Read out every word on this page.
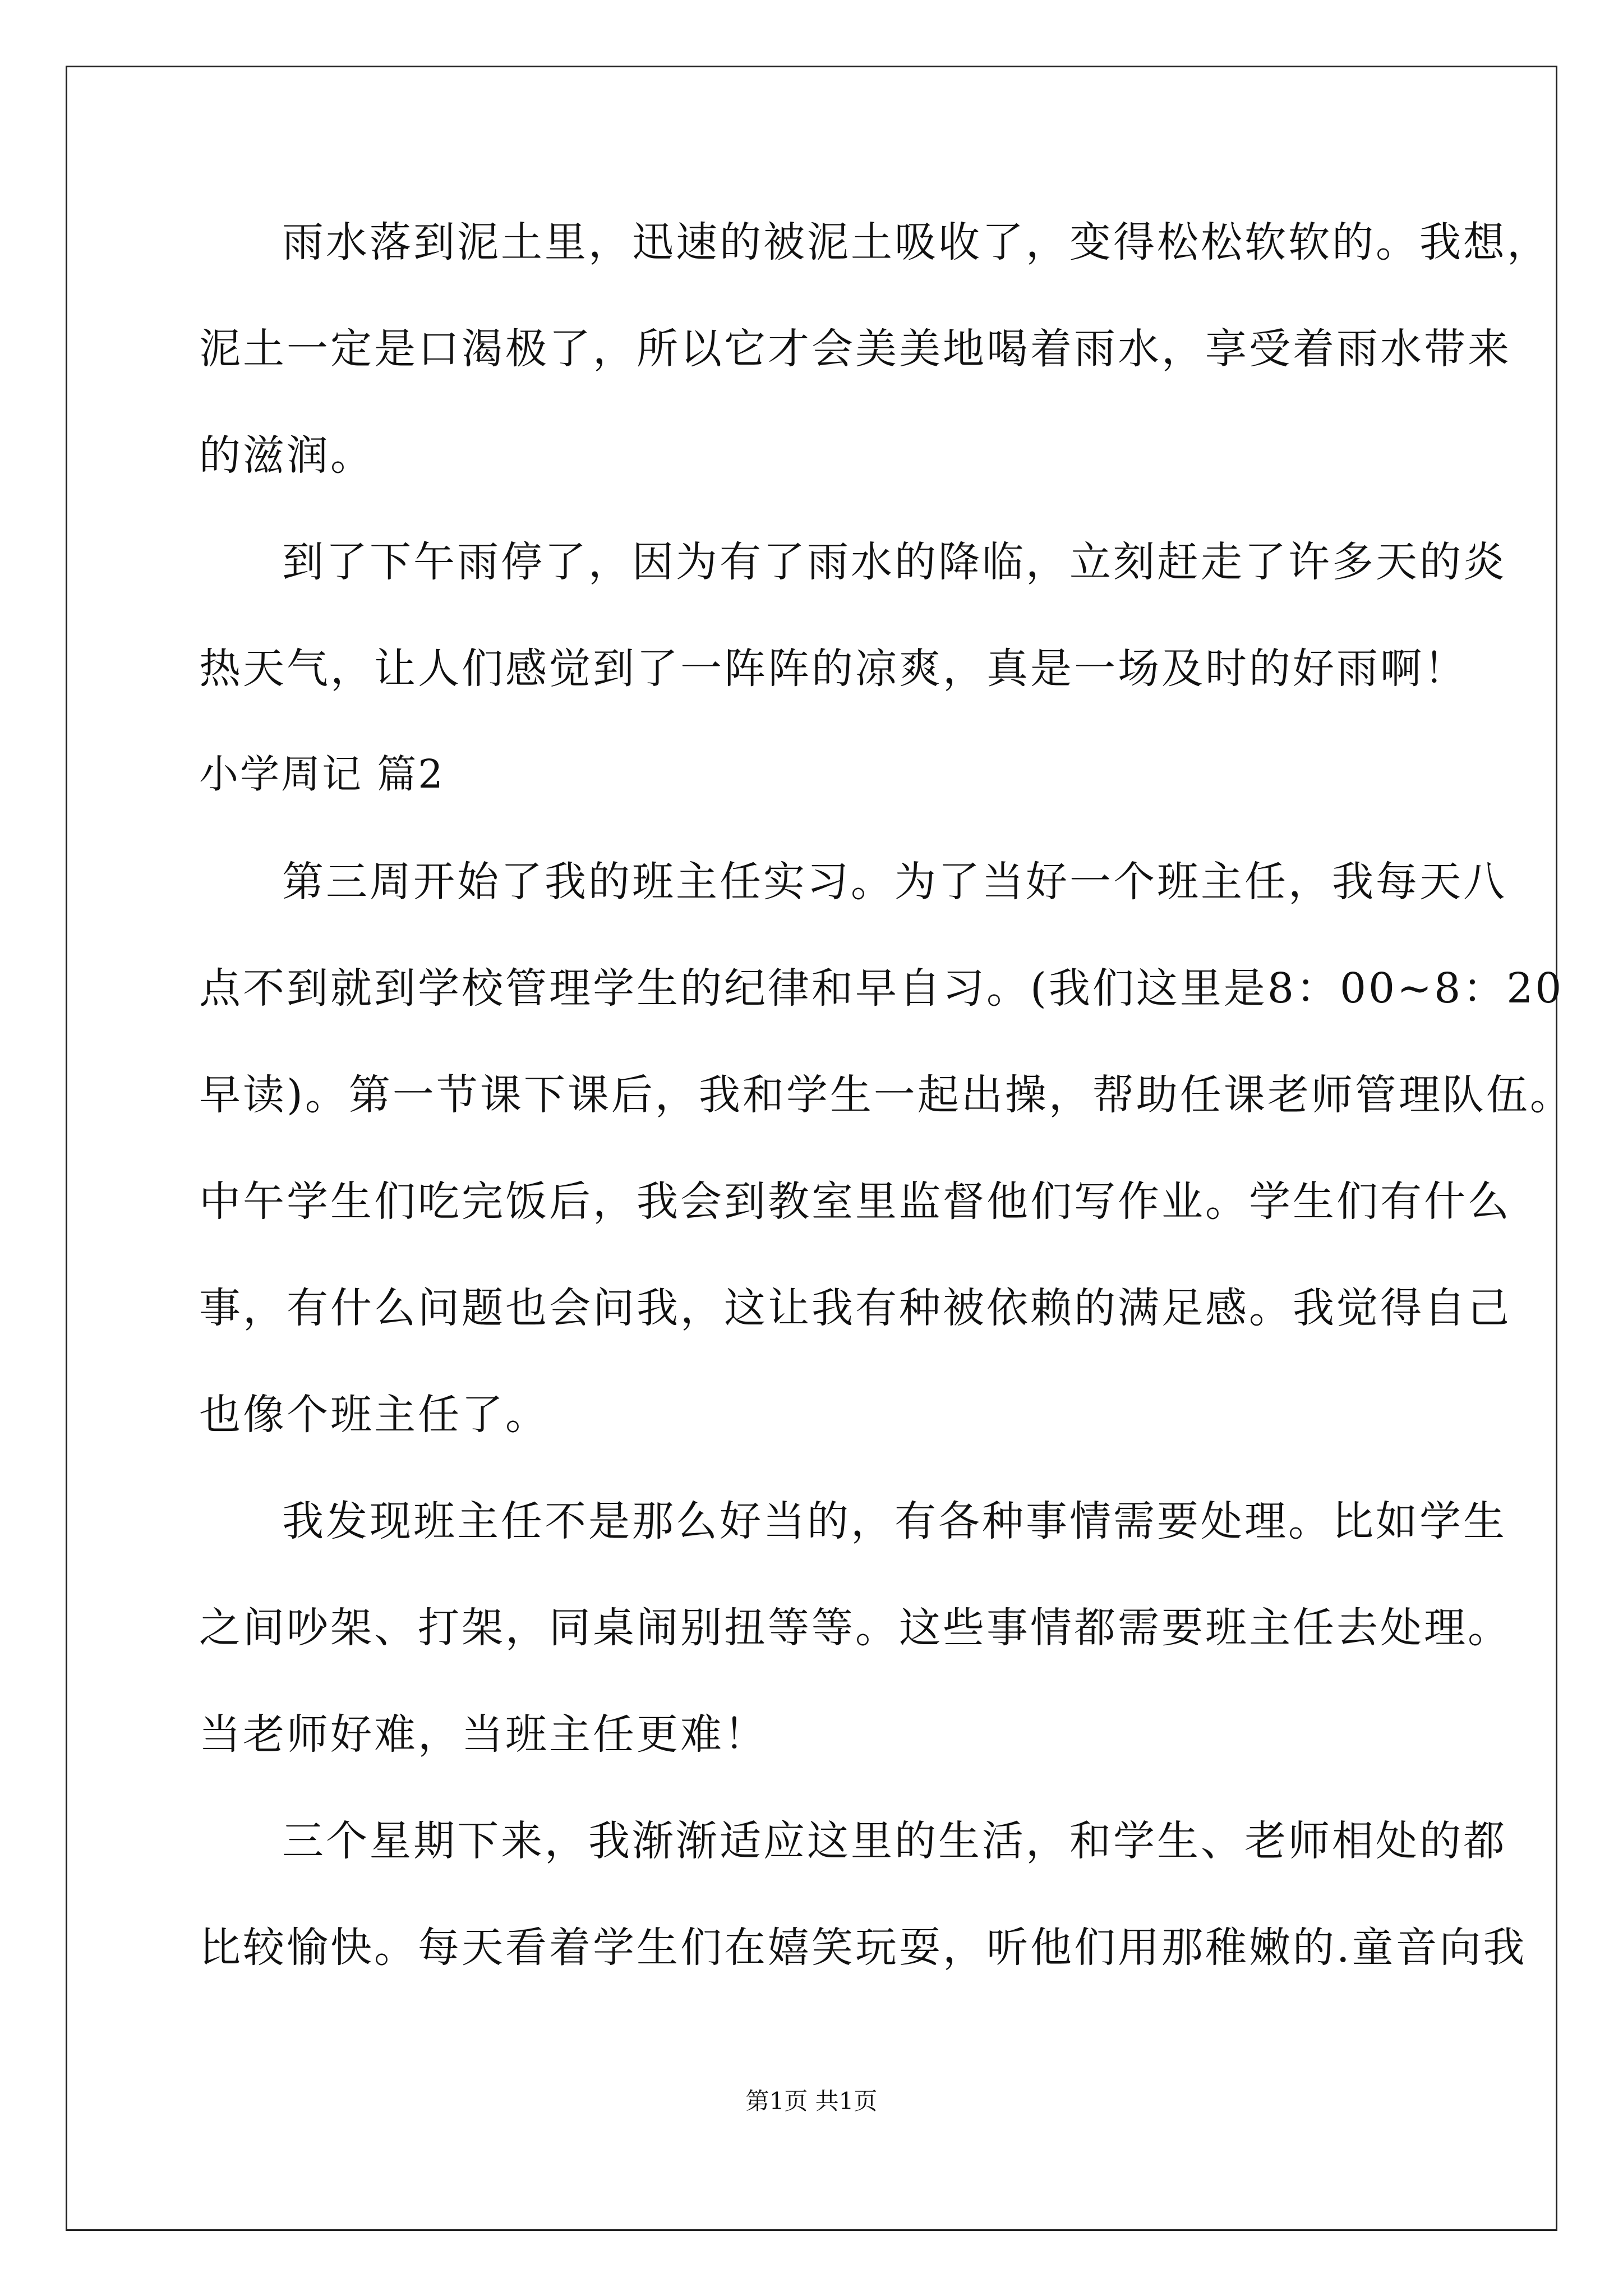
雨水落到泥土里，迅速的被泥土吸收了，变得松松软软的。我想，
泥土一定是口渴极了，所以它才会美美地喝着雨水，享受着雨水带来
的滋润。
到了下午雨停了，因为有了雨水的降临，立刻赶走了许多天的炎
热天气，让人们感觉到了一阵阵的凉爽，真是一场及时的好雨啊！
小学周记 篇2
第三周开始了我的班主任实习。为了当好一个班主任，我每天八
点不到就到学校管理学生的纪律和早自习。(我们这里是8：00~8：20
早读)。第一节课下课后，我和学生一起出操，帮助任课老师管理队伍。
中午学生们吃完饭后，我会到教室里监督他们写作业。学生们有什么
事，有什么问题也会问我，这让我有种被依赖的满足感。我觉得自己
也像个班主任了。
我发现班主任不是那么好当的，有各种事情需要处理。比如学生
之间吵架、打架，同桌闹别扭等等。这些事情都需要班主任去处理。
当老师好难，当班主任更难！
三个星期下来，我渐渐适应这里的生活，和学生、老师相处的都
比较愉快。每天看着学生们在嬉笑玩耍，听他们用那稚嫩的.童音向我
第1页 共1页
